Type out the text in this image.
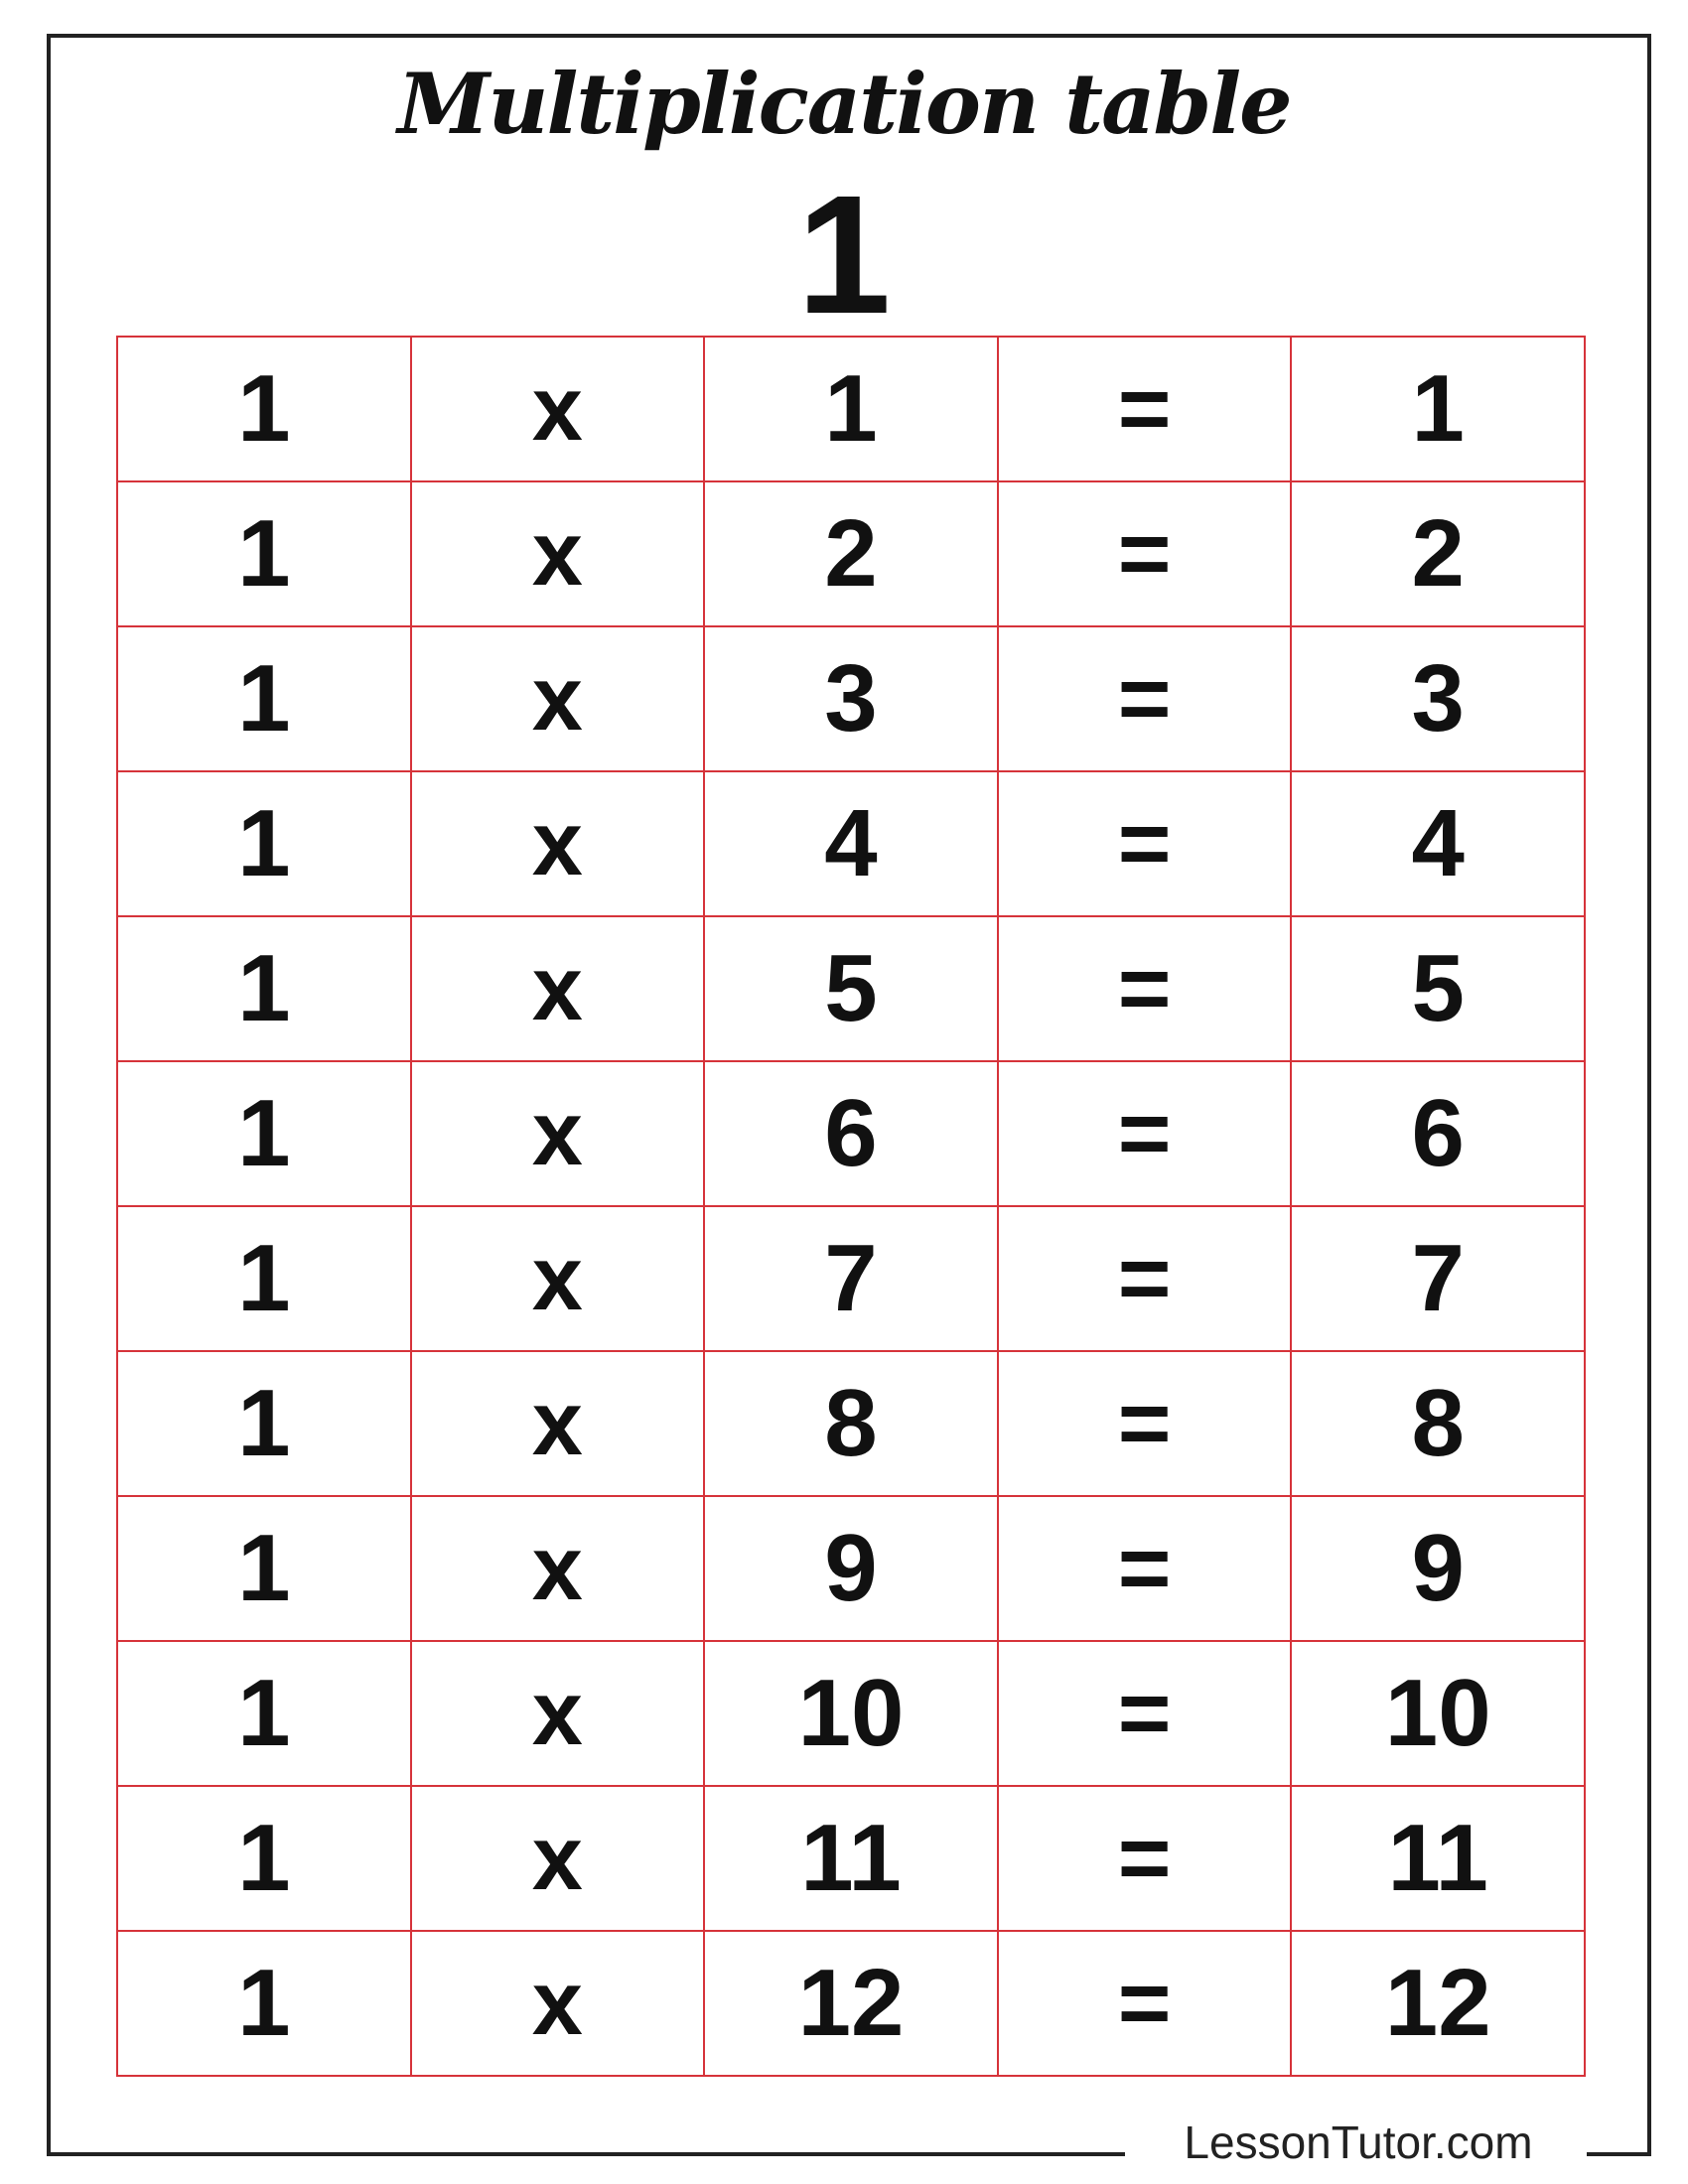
Multiplication table
1
1	x	1	=	1
1	x	2	=	2
1	x	3	=	3
1	x	4	=	4
1	x	5	=	5
1	x	6	=	6
1	x	7	=	7
1	x	8	=	8
1	x	9	=	9
1	x	10	=	10
1	x	11	=	11
1	x	12	=	12
LessonTutor.com
